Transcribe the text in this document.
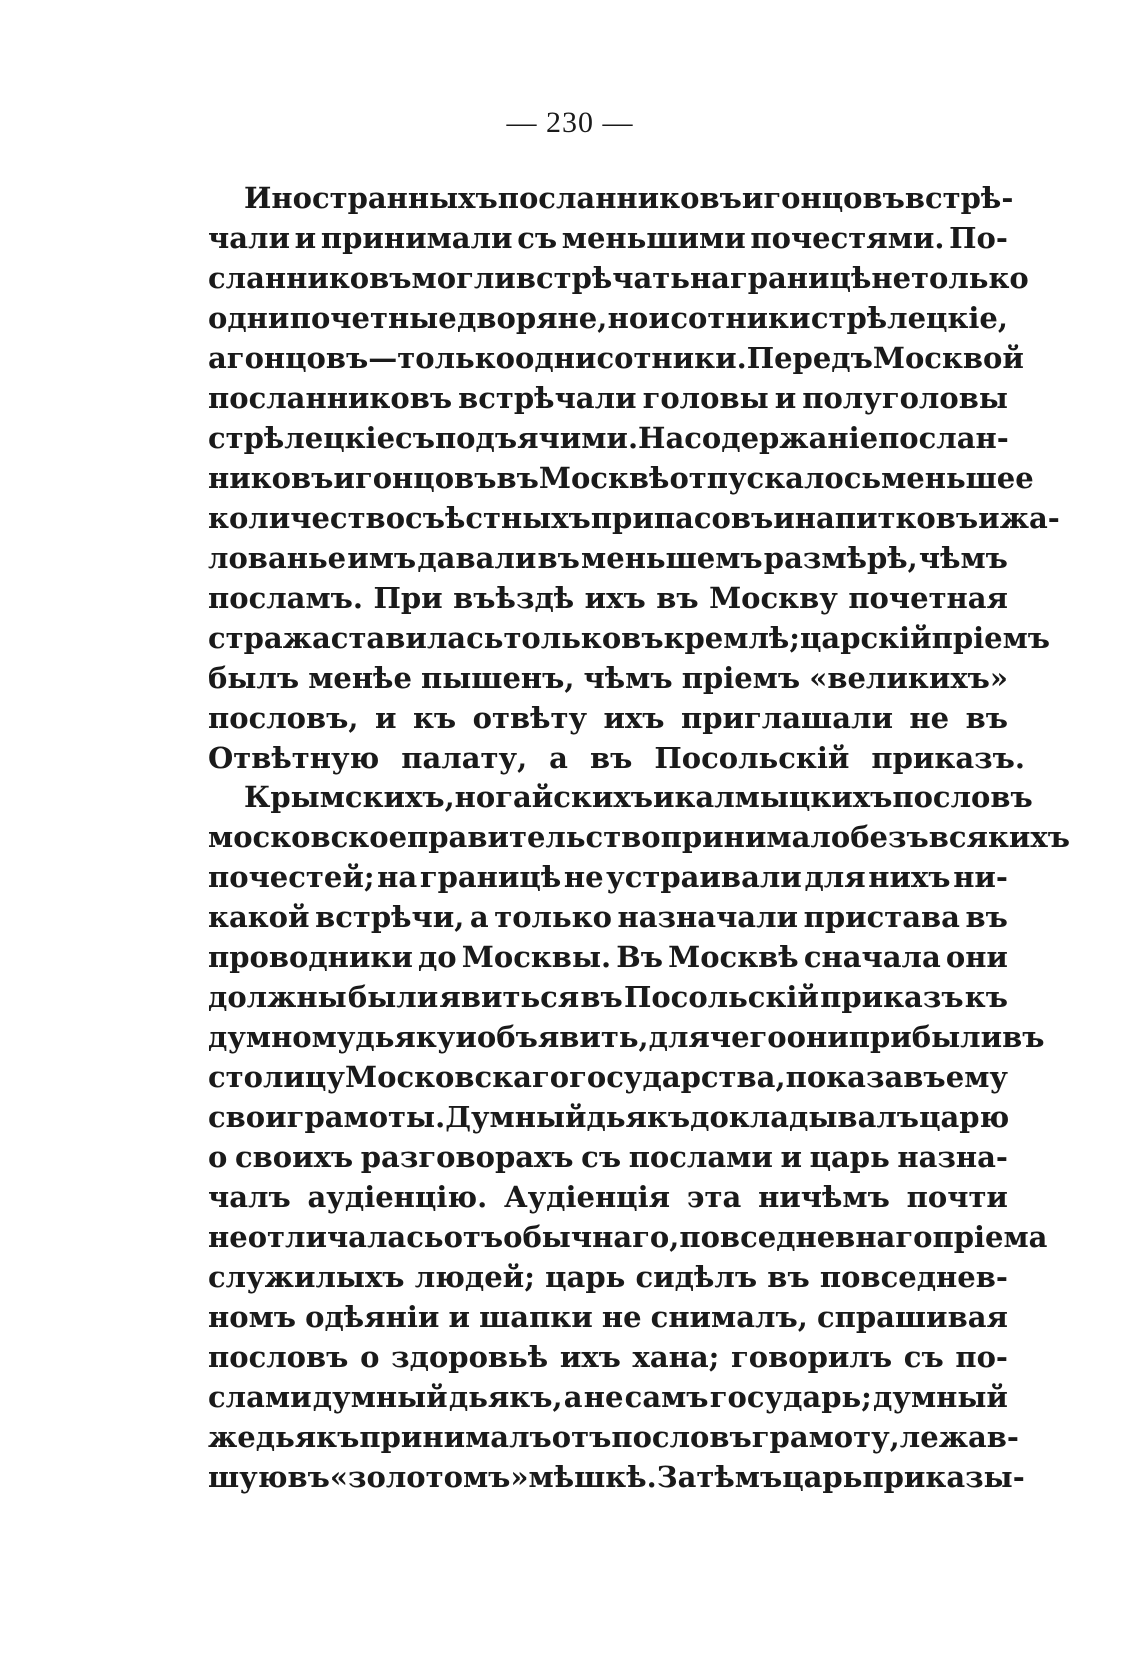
— 230 —
Иностранныхъ посланниковъ и гонцовъ встрѣ-
чали и принимали съ меньшими почестями. По-
сланниковъ могли встрѣчать на границѣ не только
одни почетные дворяне, но и сотники стрѣлецкіе,
а гонцовъ—только одни сотники. Передъ Москвой
посланниковъ встрѣчали головы и полуголовы
стрѣлецкіе съ подъячими. На содержаніе послан-
никовъ и гонцовъ въ Москвѣ отпускалось меньшее
количество съѣстныхъ припасовъ и напитковъ и жа-
лованье имъ давали въ меньшемъ размѣрѣ, чѣмъ
посламъ. При въѣздѣ ихъ въ Москву почетная
стража ставилась только въ кремлѣ; царскій пріемъ
былъ менѣе пышенъ, чѣмъ пріемъ «великихъ»
пословъ, и къ отвѣту ихъ приглашали не въ
Отвѣтную палату, а въ Посольскій приказъ.
Крымскихъ, ногайскихъ и калмыцкихъ пословъ
московское правительство принимало безъ всякихъ
почестей; на границѣ не устраивали для нихъ ни-
какой встрѣчи, а только назначали пристава въ
проводники до Москвы. Въ Москвѣ сначала они
должны были явиться въ Посольскій приказъ къ
думному дьяку и объявить, для чего они прибыли въ
столицу Московскаго государства, показавъ ему
свои грамоты. Думный дьякъ докладывалъ царю
о своихъ разговорахъ съ послами и царь назна-
чалъ аудіенцію. Аудіенція эта ничѣмъ почти
не отличалась отъ обычнаго, повседневнаго пріема
служилыхъ людей; царь сидѣлъ въ повседнев-
номъ одѣяніи и шапки не снималъ, спрашивая
пословъ о здоровьѣ ихъ хана; говорилъ съ по-
слами думный дьякъ, а не самъ государь; думный
же дьякъ принималъ отъ пословъ грамоту, лежав-
шую въ «золотомъ» мѣшкѣ. Затѣмъ царь приказы-
